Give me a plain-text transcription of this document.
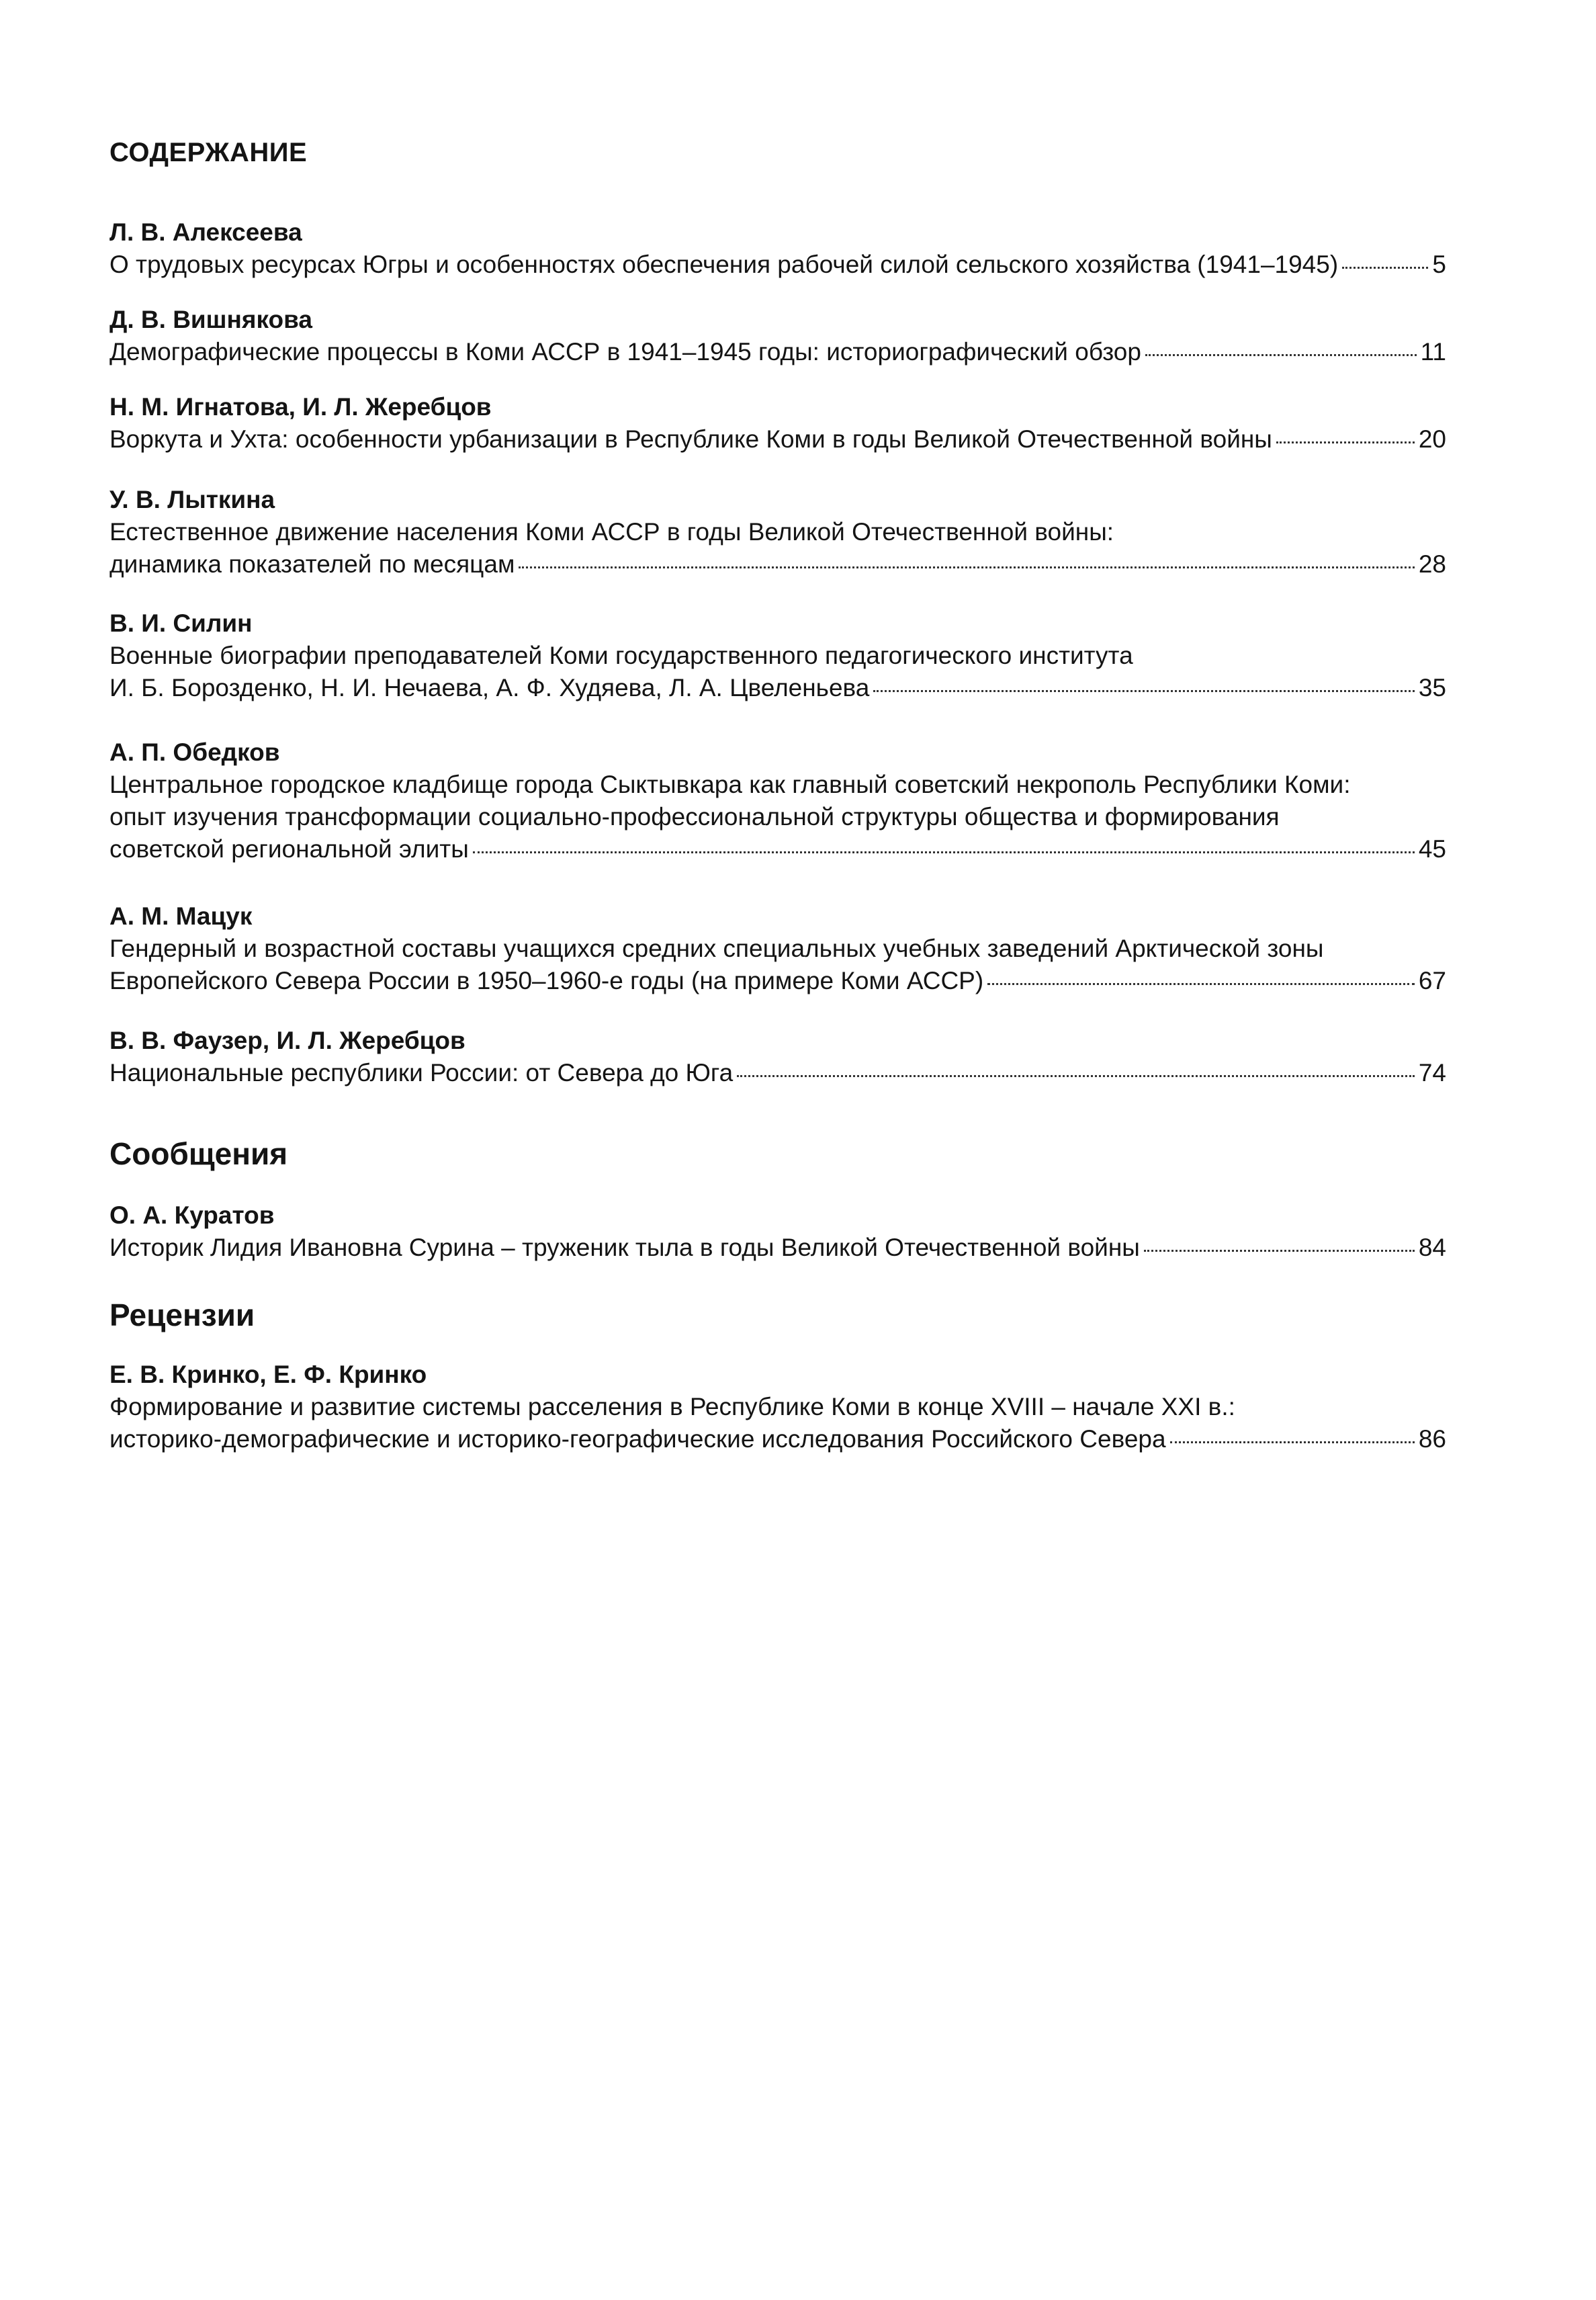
СОДЕРЖАНИЕ
Л. В. Алексеева
О трудовых ресурсах Югры и особенностях обеспечения рабочей силой сельского хозяйства (1941–1945)	5
Д. В. Вишнякова
Демографические процессы в Коми АССР в 1941–1945 годы: историографический обзор	11
Н. М. Игнатова, И. Л. Жеребцов
Воркута и Ухта: особенности урбанизации в Республике Коми в годы Великой Отечественной войны	20
У. В. Лыткина
Естественное движение населения Коми АССР в годы Великой Отечественной войны:
динамика показателей по месяцам	28
В. И. Силин
Военные биографии преподавателей Коми государственного педагогического института
И. Б. Борозденко, Н. И. Нечаева, А. Ф. Худяева, Л. А. Цвеленьева	35
А. П. Обедков
Центральное городское кладбище города Сыктывкара как главный советский некрополь Республики Коми:
опыт изучения трансформации социально-профессиональной структуры общества и формирования
советской региональной элиты	45
А. М. Мацук
Гендерный и возрастной составы учащихся средних специальных учебных заведений Арктической зоны
Европейского Севера России в 1950–1960-е годы (на примере Коми АССР)	67
В. В. Фаузер, И. Л. Жеребцов
Национальные республики России: от Севера до Юга	74
Сообщения
О. А. Куратов
Историк Лидия Ивановна Сурина – труженик тыла в годы Великой Отечественной войны	84
Рецензии
Е. В. Кринко, Е. Ф. Кринко
Формирование и развитие системы расселения в Республике Коми в конце XVIII – начале XXI в.:
историко-демографические и историко-географические исследования Российского Севера	86
